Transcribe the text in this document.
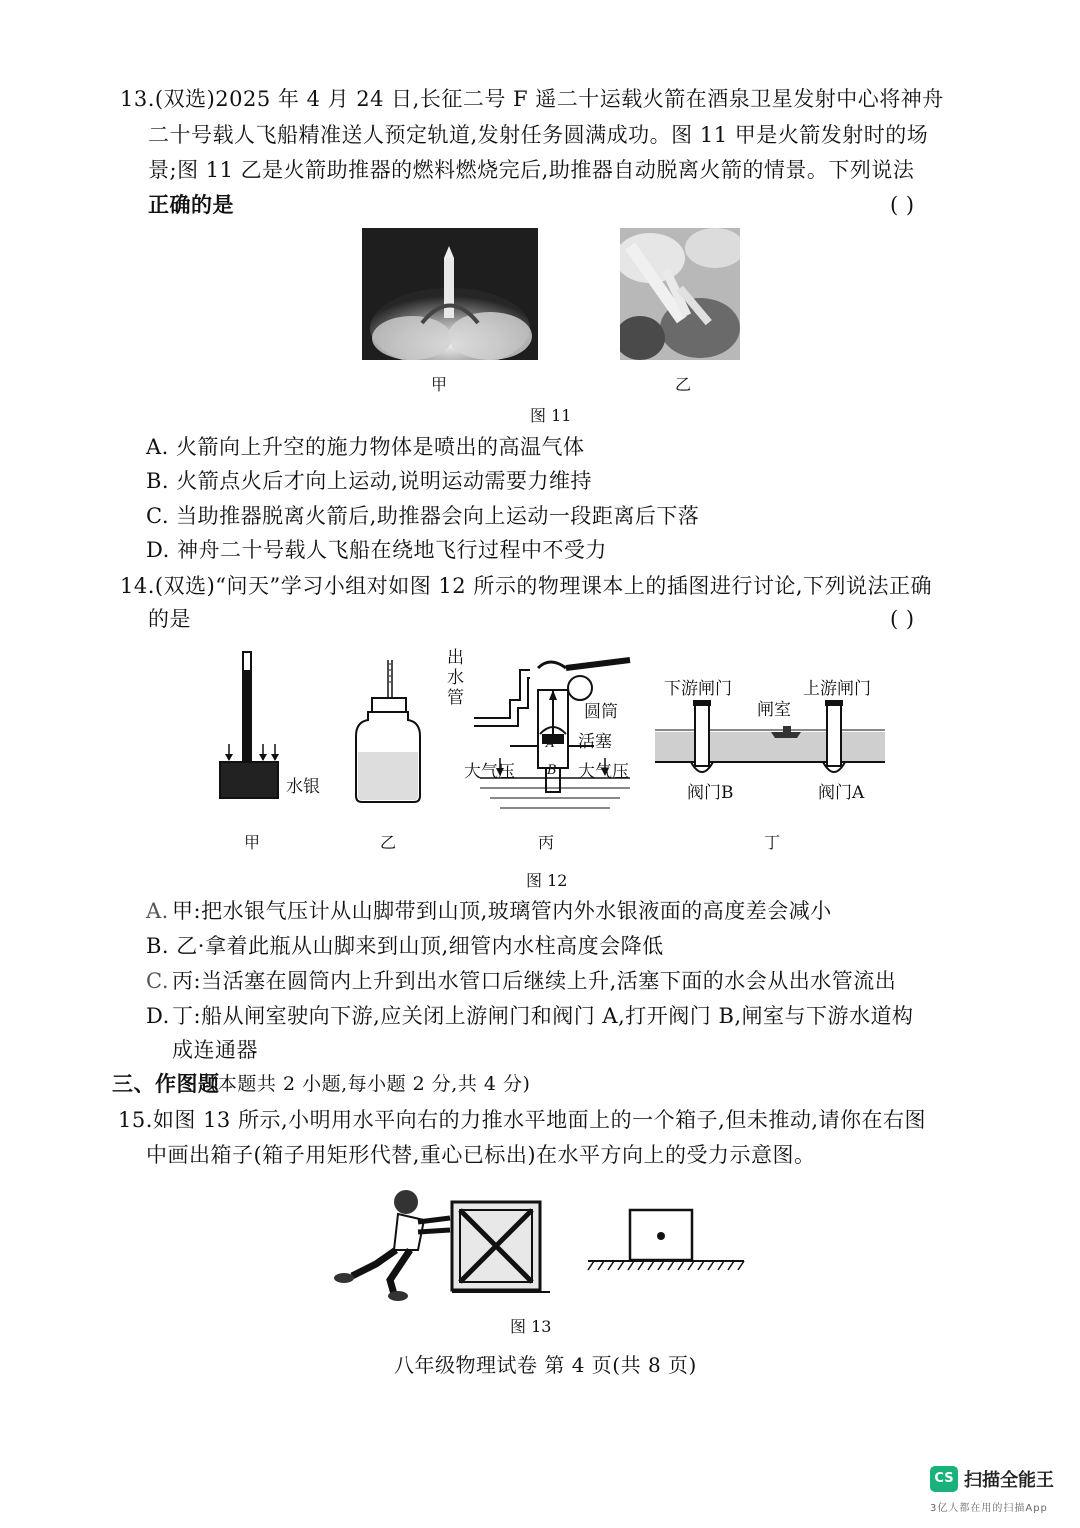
13.(双选)2025 年 4 月 24 日,长征二号 F 遥二十运载火箭在酒泉卫星发射中心将神舟
二十号载人飞船精准送人预定轨道,发射任务圆满成功。图 11 甲是火箭发射时的场
景;图 11 乙是火箭助推器的燃料燃烧完后,助推器自动脱离火箭的情景。下列说法
正确的是	( )
甲	乙
图 11
A. 火箭向上升空的施力物体是喷出的高温气体
B. 火箭点火后才向上运动,说明运动需要力维持
C. 当助推器脱离火箭后,助推器会向上运动一段距离后下落
D. 神舟二十号载人飞船在绕地飞行过程中不受力
14.(双选)“问天”学习小组对如图 12 所示的物理课本上的插图进行讨论,下列说法正确
的是	( )
水银
出
水
管
圆筒
活塞
大气压	大气压
A
B
下游闸门
闸室
上游闸门
阀门B	阀门A
甲	乙	丙	丁
图 12
A. 甲:把水银气压计从山脚带到山顶,玻璃管内外水银液面的高度差会减小
B. 乙·拿着此瓶从山脚来到山顶,细管内水柱高度会降低
C. 丙:当活塞在圆筒内上升到出水管口后继续上升,活塞下面的水会从出水管流出
D. 丁:船从闸室驶向下游,应关闭上游闸门和阀门 A,打开阀门 B,闸室与下游水道构
成连通器
三、作图题
(本题共 2 小题,每小题 2 分,共 4 分)
15.如图 13 所示,小明用水平向右的力推水平地面上的一个箱子,但未推动,请你在右图
中画出箱子(箱子用矩形代替,重心已标出)在水平方向上的受力示意图。
图 13
八年级物理试卷 第 4 页(共 8 页)
CS 扫描全能王
3亿人都在用的扫描App
